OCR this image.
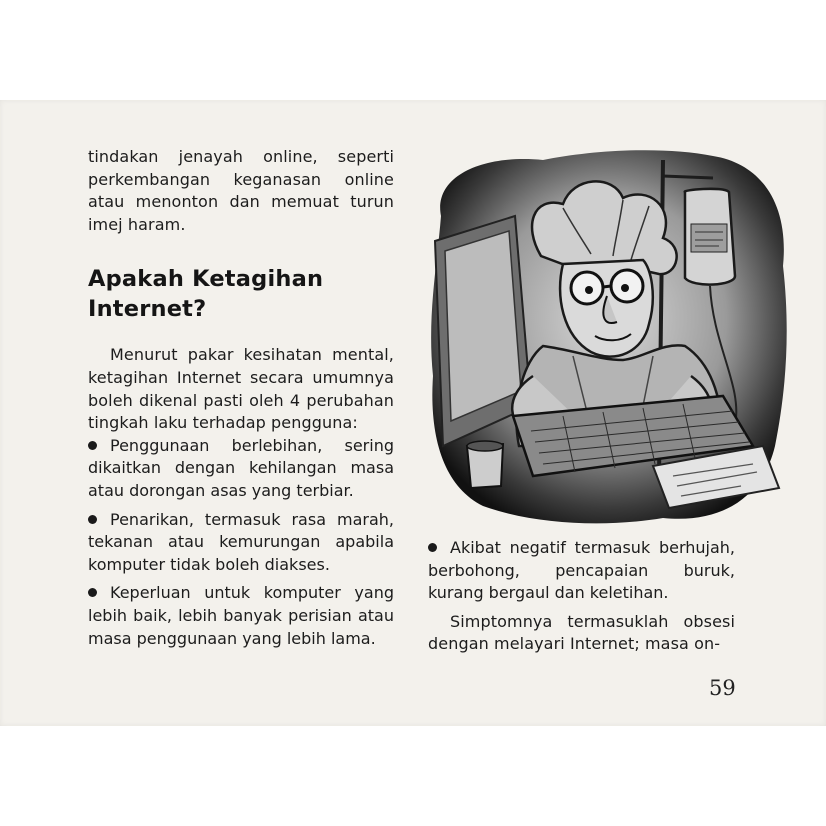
tindakan jenayah online, seperti perkembangan keganasan online atau menonton dan memuat turun imej haram.

Apakah Ketagihan Internet?

Menurut pakar kesihatan mental, ketagihan Internet secara umumnya boleh dikenal pasti oleh 4 perubahan tingkah laku terhadap pengguna:

Penggunaan berlebihan, sering dikaitkan dengan kehilangan masa atau dorongan asas yang terbiar.
Penarikan, termasuk rasa marah, tekanan atau kemurungan apabila komputer tidak boleh diakses.
Keperluan untuk komputer yang lebih baik, lebih banyak perisian atau masa penggunaan yang lebih lama.
Akibat negatif termasuk berhujah, berbohong, pencapaian buruk, kurang bergaul dan keletihan.

Simptomnya termasuklah obsesi dengan melayari Internet; masa on-

59
